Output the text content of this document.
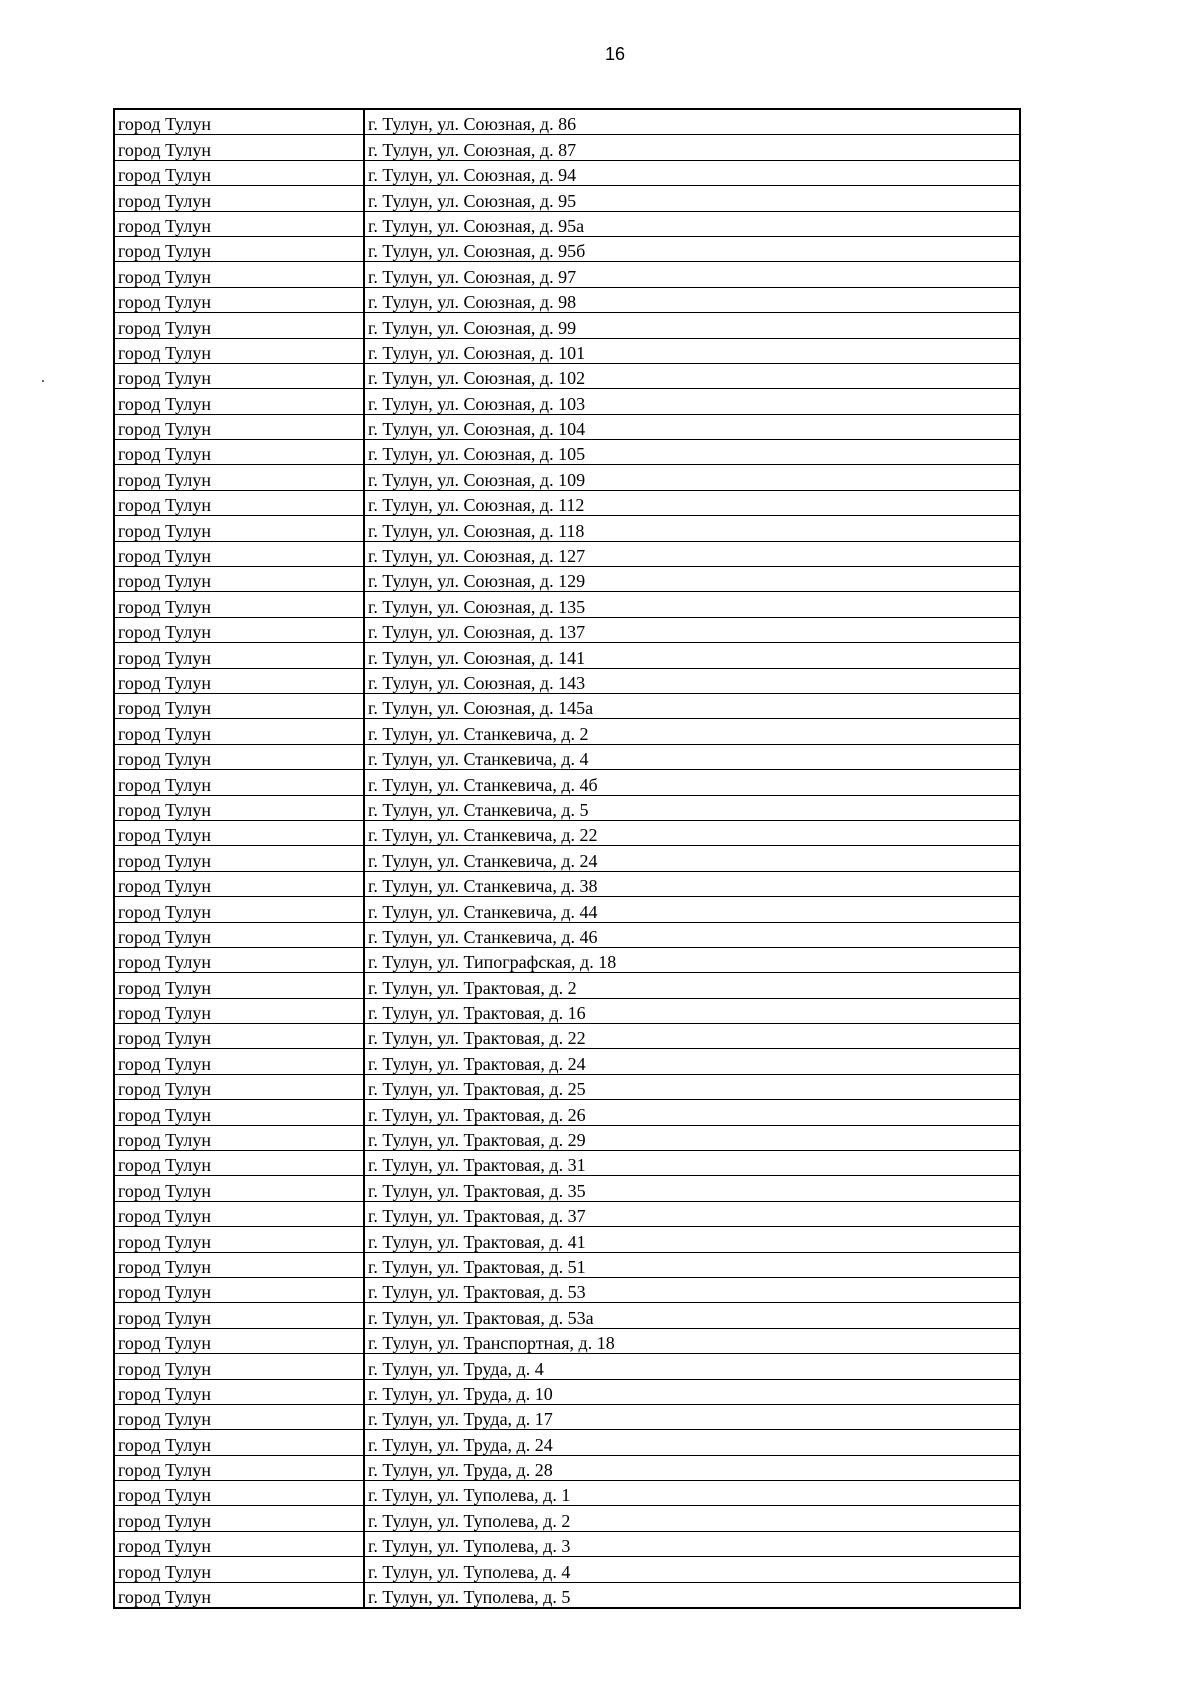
16
город Тулун	г. Тулун, ул. Союзная, д. 86
город Тулун	г. Тулун, ул. Союзная, д. 87
город Тулун	г. Тулун, ул. Союзная, д. 94
город Тулун	г. Тулун, ул. Союзная, д. 95
город Тулун	г. Тулун, ул. Союзная, д. 95а
город Тулун	г. Тулун, ул. Союзная, д. 95б
город Тулун	г. Тулун, ул. Союзная, д. 97
город Тулун	г. Тулун, ул. Союзная, д. 98
город Тулун	г. Тулун, ул. Союзная, д. 99
город Тулун	г. Тулун, ул. Союзная, д. 101
город Тулун	г. Тулун, ул. Союзная, д. 102
город Тулун	г. Тулун, ул. Союзная, д. 103
город Тулун	г. Тулун, ул. Союзная, д. 104
город Тулун	г. Тулун, ул. Союзная, д. 105
город Тулун	г. Тулун, ул. Союзная, д. 109
город Тулун	г. Тулун, ул. Союзная, д. 112
город Тулун	г. Тулун, ул. Союзная, д. 118
город Тулун	г. Тулун, ул. Союзная, д. 127
город Тулун	г. Тулун, ул. Союзная, д. 129
город Тулун	г. Тулун, ул. Союзная, д. 135
город Тулун	г. Тулун, ул. Союзная, д. 137
город Тулун	г. Тулун, ул. Союзная, д. 141
город Тулун	г. Тулун, ул. Союзная, д. 143
город Тулун	г. Тулун, ул. Союзная, д. 145а
город Тулун	г. Тулун, ул. Станкевича, д. 2
город Тулун	г. Тулун, ул. Станкевича, д. 4
город Тулун	г. Тулун, ул. Станкевича, д. 4б
город Тулун	г. Тулун, ул. Станкевича, д. 5
город Тулун	г. Тулун, ул. Станкевича, д. 22
город Тулун	г. Тулун, ул. Станкевича, д. 24
город Тулун	г. Тулун, ул. Станкевича, д. 38
город Тулун	г. Тулун, ул. Станкевича, д. 44
город Тулун	г. Тулун, ул. Станкевича, д. 46
город Тулун	г. Тулун, ул. Типографская, д. 18
город Тулун	г. Тулун, ул. Трактовая, д. 2
город Тулун	г. Тулун, ул. Трактовая, д. 16
город Тулун	г. Тулун, ул. Трактовая, д. 22
город Тулун	г. Тулун, ул. Трактовая, д. 24
город Тулун	г. Тулун, ул. Трактовая, д. 25
город Тулун	г. Тулун, ул. Трактовая, д. 26
город Тулун	г. Тулун, ул. Трактовая, д. 29
город Тулун	г. Тулун, ул. Трактовая, д. 31
город Тулун	г. Тулун, ул. Трактовая, д. 35
город Тулун	г. Тулун, ул. Трактовая, д. 37
город Тулун	г. Тулун, ул. Трактовая, д. 41
город Тулун	г. Тулун, ул. Трактовая, д. 51
город Тулун	г. Тулун, ул. Трактовая, д. 53
город Тулун	г. Тулун, ул. Трактовая, д. 53а
город Тулун	г. Тулун, ул. Транспортная, д. 18
город Тулун	г. Тулун, ул. Труда, д. 4
город Тулун	г. Тулун, ул. Труда, д. 10
город Тулун	г. Тулун, ул. Труда, д. 17
город Тулун	г. Тулун, ул. Труда, д. 24
город Тулун	г. Тулун, ул. Труда, д. 28
город Тулун	г. Тулун, ул. Туполева, д. 1
город Тулун	г. Тулун, ул. Туполева, д. 2
город Тулун	г. Тулун, ул. Туполева, д. 3
город Тулун	г. Тулун, ул. Туполева, д. 4
город Тулун	г. Тулун, ул. Туполева, д. 5
